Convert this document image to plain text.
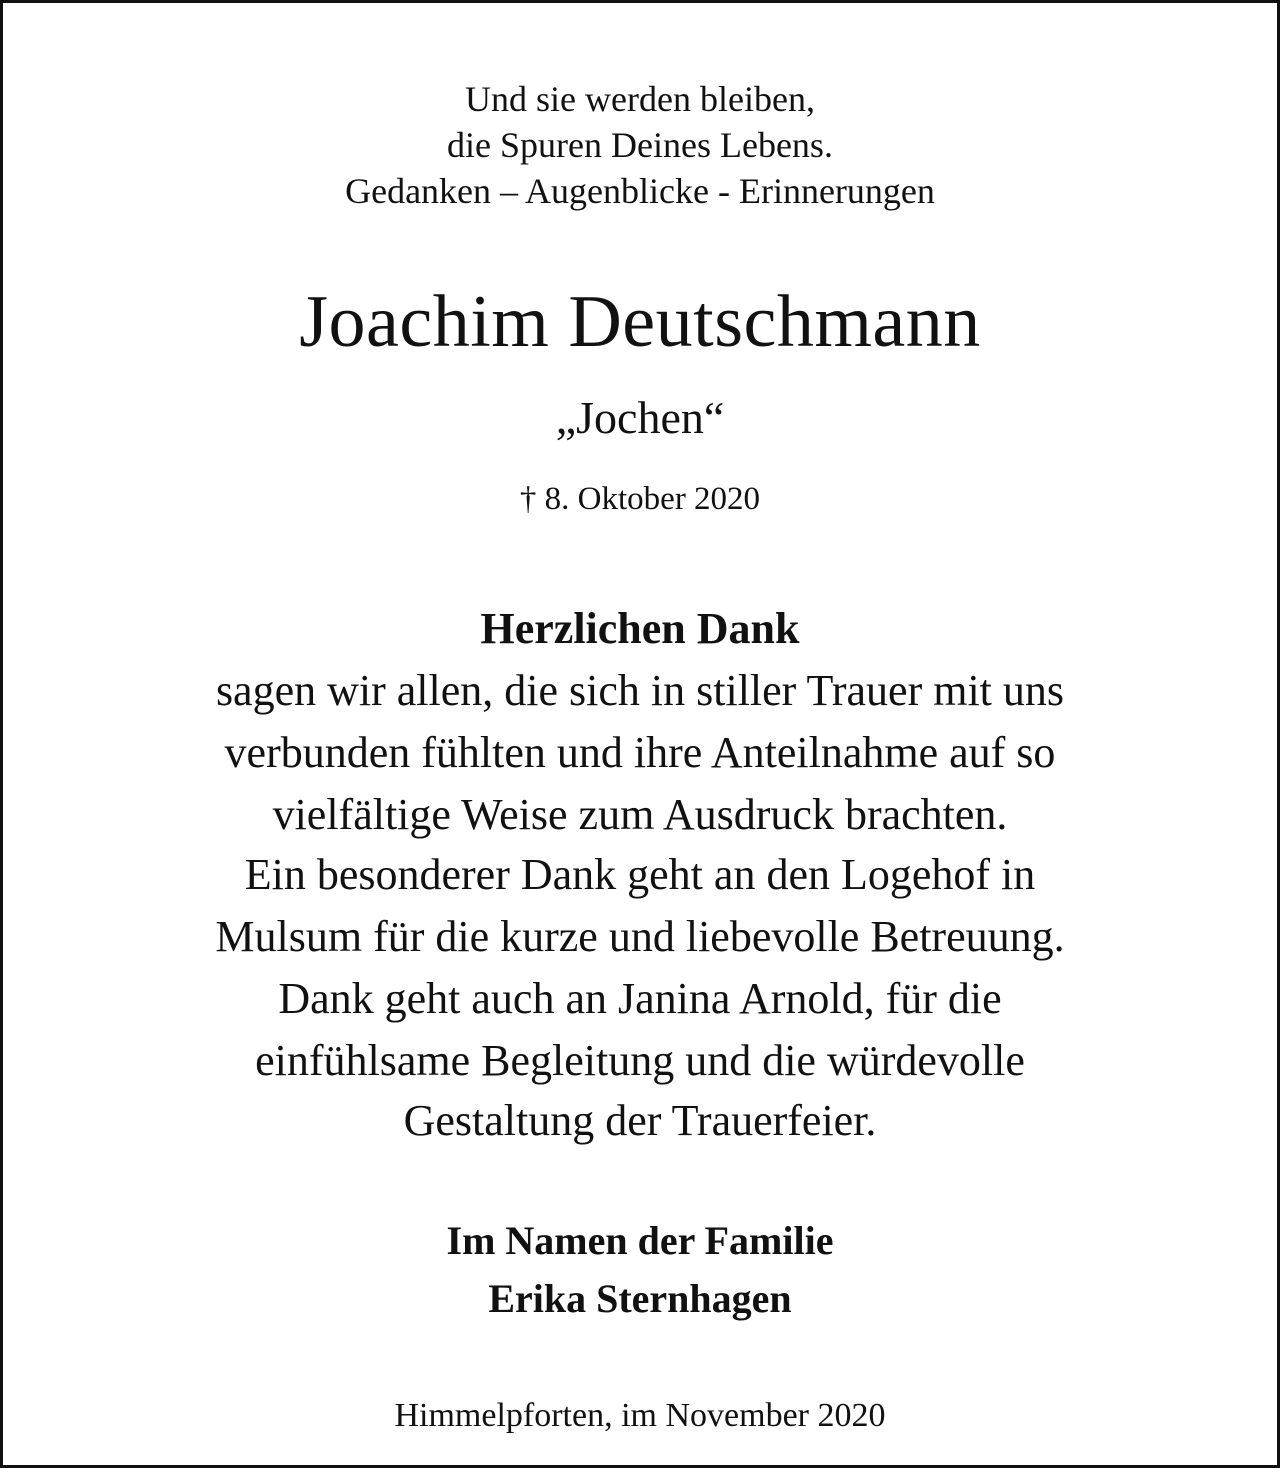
Und sie werden bleiben,

die Spuren Deines Lebens.

Gedanken – Augenblicke - Erinnerungen

Joachim Deutschmann

„Jochen“

† 8. Oktober 2020

Herzlichen Dank

sagen wir allen, die sich in stiller Trauer mit uns

verbunden fühlten und ihre Anteilnahme auf so

vielfältige Weise zum Ausdruck brachten.

Ein besonderer Dank geht an den Logehof in

Mulsum für die kurze und liebevolle Betreuung.

Dank geht auch an Janina Arnold, für die

einfühlsame Begleitung und die würdevolle

Gestaltung der Trauerfeier.

Im Namen der Familie

Erika Sternhagen

Himmelpforten, im November 2020
